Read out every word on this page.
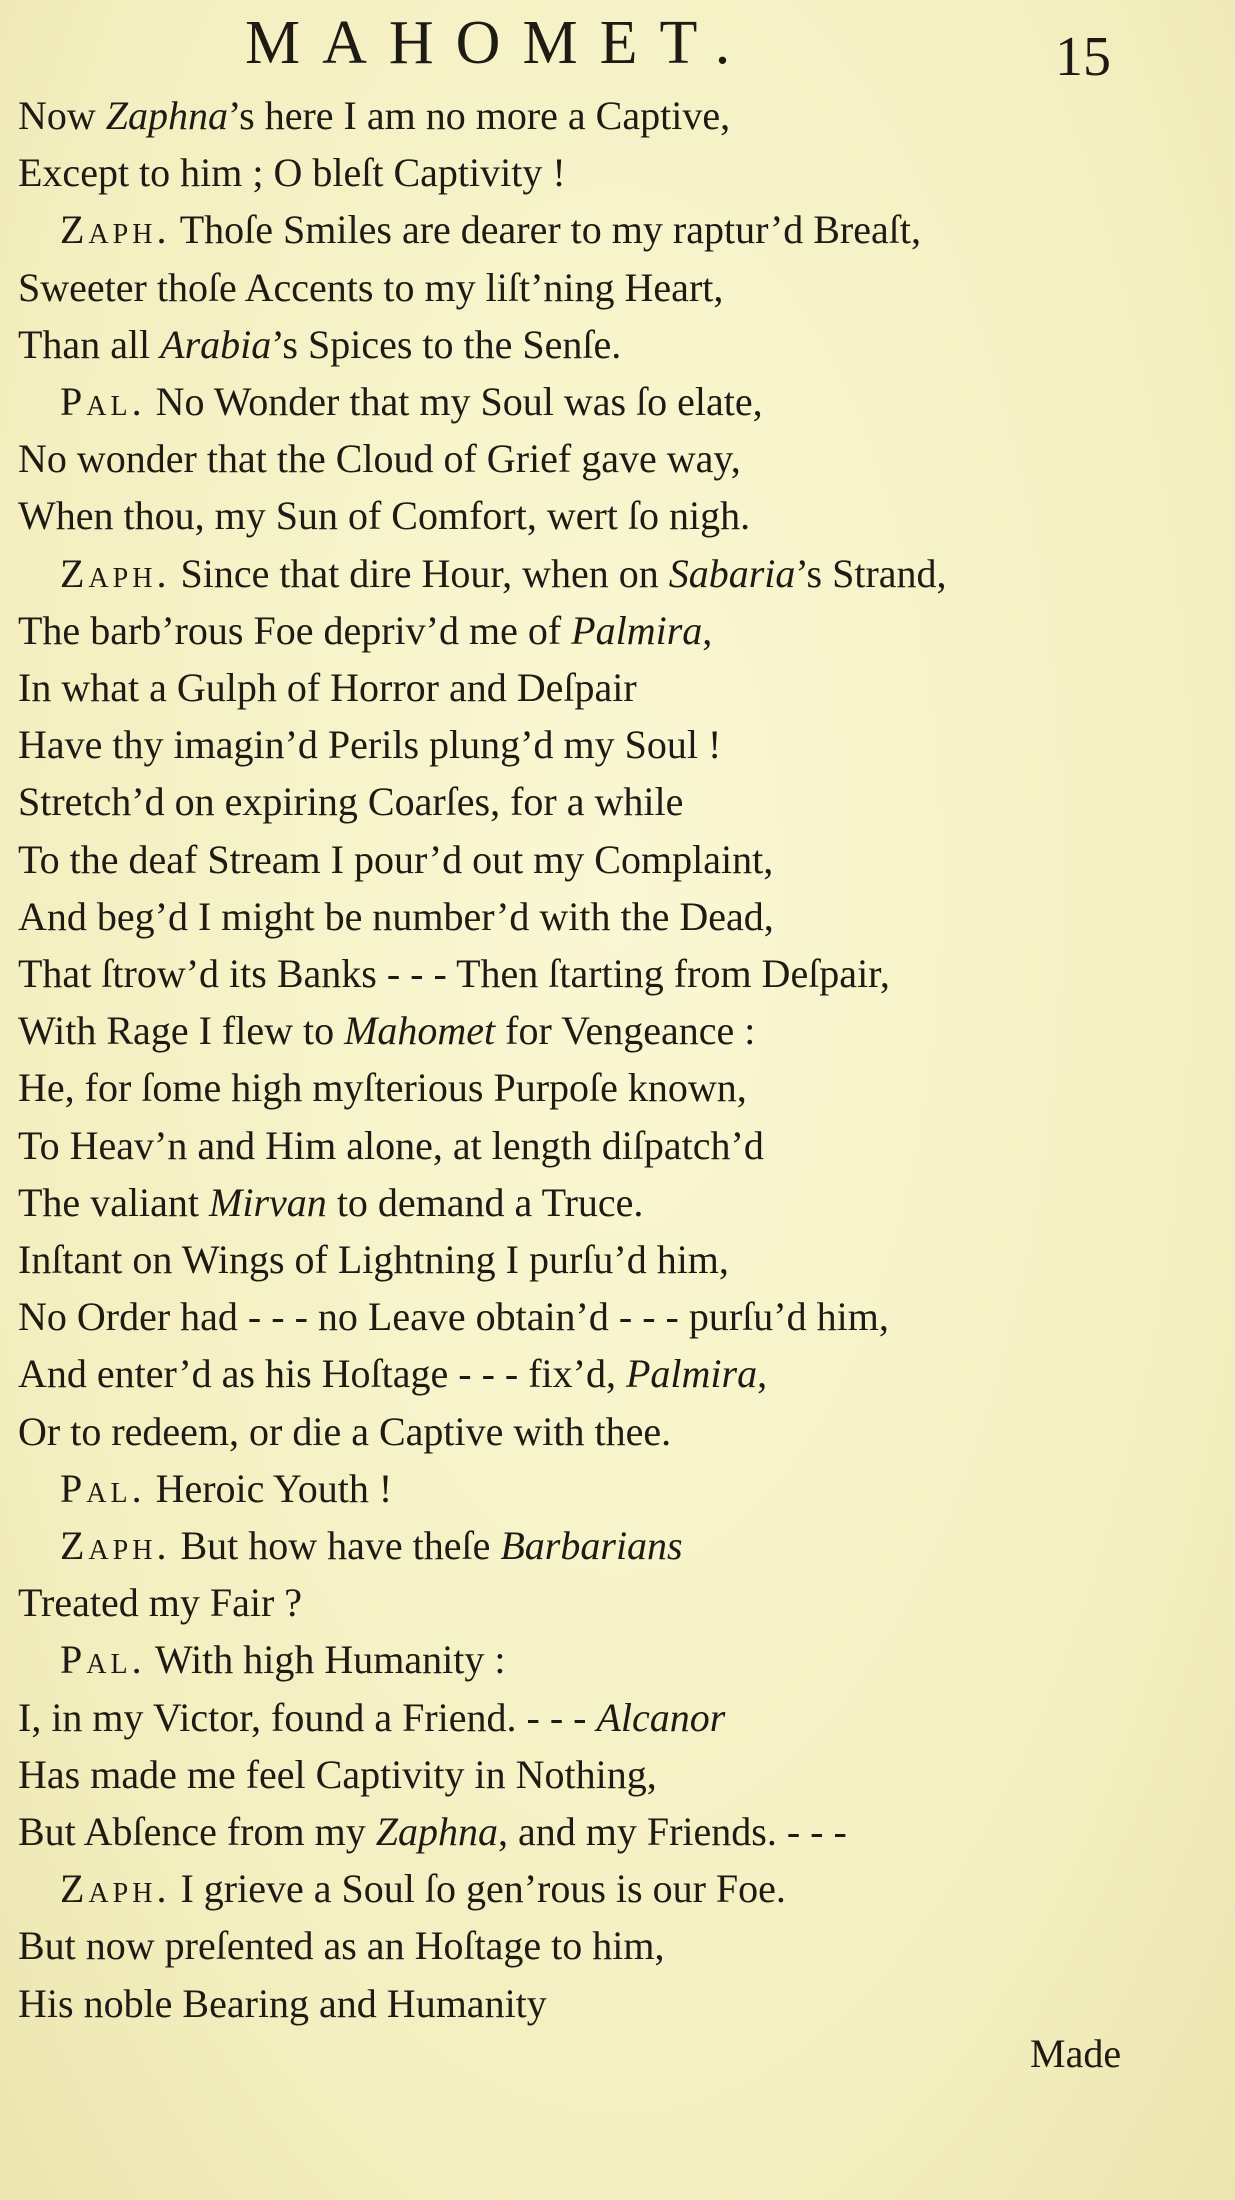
MAHOMET.	15
Now Zaphna’s here I am no more a Captive,
Except to him ; O bleſt Captivity !
Zaph. Thoſe Smiles are dearer to my raptur’d Breaſt,
Sweeter thoſe Accents to my liſt’ning Heart,
Than all Arabia’s Spices to the Senſe.
Pal. No Wonder that my Soul was ſo elate,
No wonder that the Cloud of Grief gave way,
When thou, my Sun of Comfort, wert ſo nigh.
Zaph. Since that dire Hour, when on Sabaria’s Strand,
The barb’rous Foe depriv’d me of Palmira,
In what a Gulph of Horror and Deſpair
Have thy imagin’d Perils plung’d my Soul !
Stretch’d on expiring Coarſes, for a while
To the deaf Stream I pour’d out my Complaint,
And beg’d I might be number’d with the Dead,
That ſtrow’d its Banks - - - Then ſtarting from Deſpair,
With Rage I flew to Mahomet for Vengeance :
He, for ſome high myſterious Purpoſe known,
To Heav’n and Him alone, at length diſpatch’d
The valiant Mirvan to demand a Truce.
Inſtant on Wings of Lightning I purſu’d him,
No Order had - - - no Leave obtain’d - - - purſu’d him,
And enter’d as his Hoſtage - - - fix’d, Palmira,
Or to redeem, or die a Captive with thee.
Pal. Heroic Youth !
Zaph. But how have theſe Barbarians
Treated my Fair ?
Pal. With high Humanity :
I, in my Victor, found a Friend. - - - Alcanor
Has made me feel Captivity in Nothing,
But Abſence from my Zaphna, and my Friends. - - -
Zaph. I grieve a Soul ſo gen’rous is our Foe.
But now preſented as an Hoſtage to him,
His noble Bearing and Humanity
Made
